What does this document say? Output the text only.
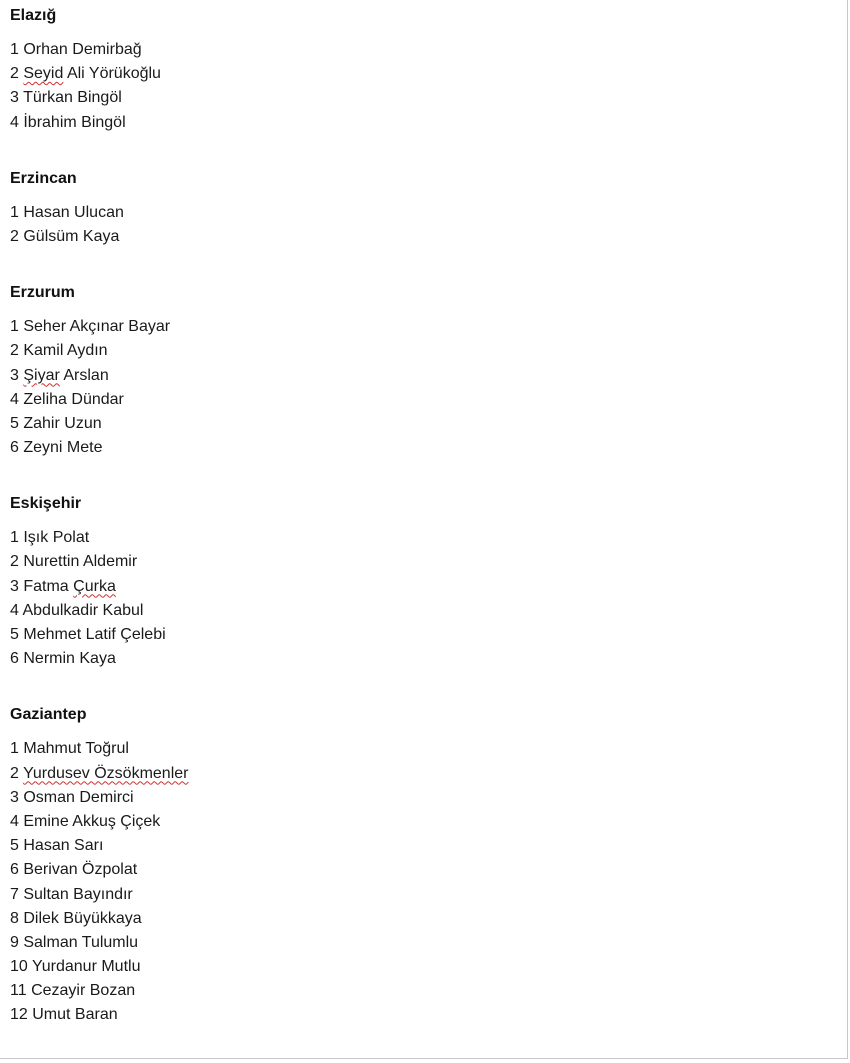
Elazığ
1 Orhan Demirbağ
2 Seyid Ali Yörükoğlu
3 Türkan Bingöl
4 İbrahim Bingöl
Erzincan
1 Hasan Ulucan
2 Gülsüm Kaya
Erzurum
1 Seher Akçınar Bayar
2 Kamil Aydın
3 Şiyar Arslan
4 Zeliha Dündar
5 Zahir Uzun
6 Zeyni Mete
Eskişehir
1 Işık Polat
2 Nurettin Aldemir
3 Fatma Çurka
4 Abdulkadir Kabul
5 Mehmet Latif Çelebi
6 Nermin Kaya
Gaziantep
1 Mahmut Toğrul
2 Yurdusev Özsökmenler
3 Osman Demirci
4 Emine Akkuş Çiçek
5 Hasan Sarı
6 Berivan Özpolat
7 Sultan Bayındır
8 Dilek Büyükkaya
9 Salman Tulumlu
10 Yurdanur Mutlu
11 Cezayir Bozan
12 Umut Baran
